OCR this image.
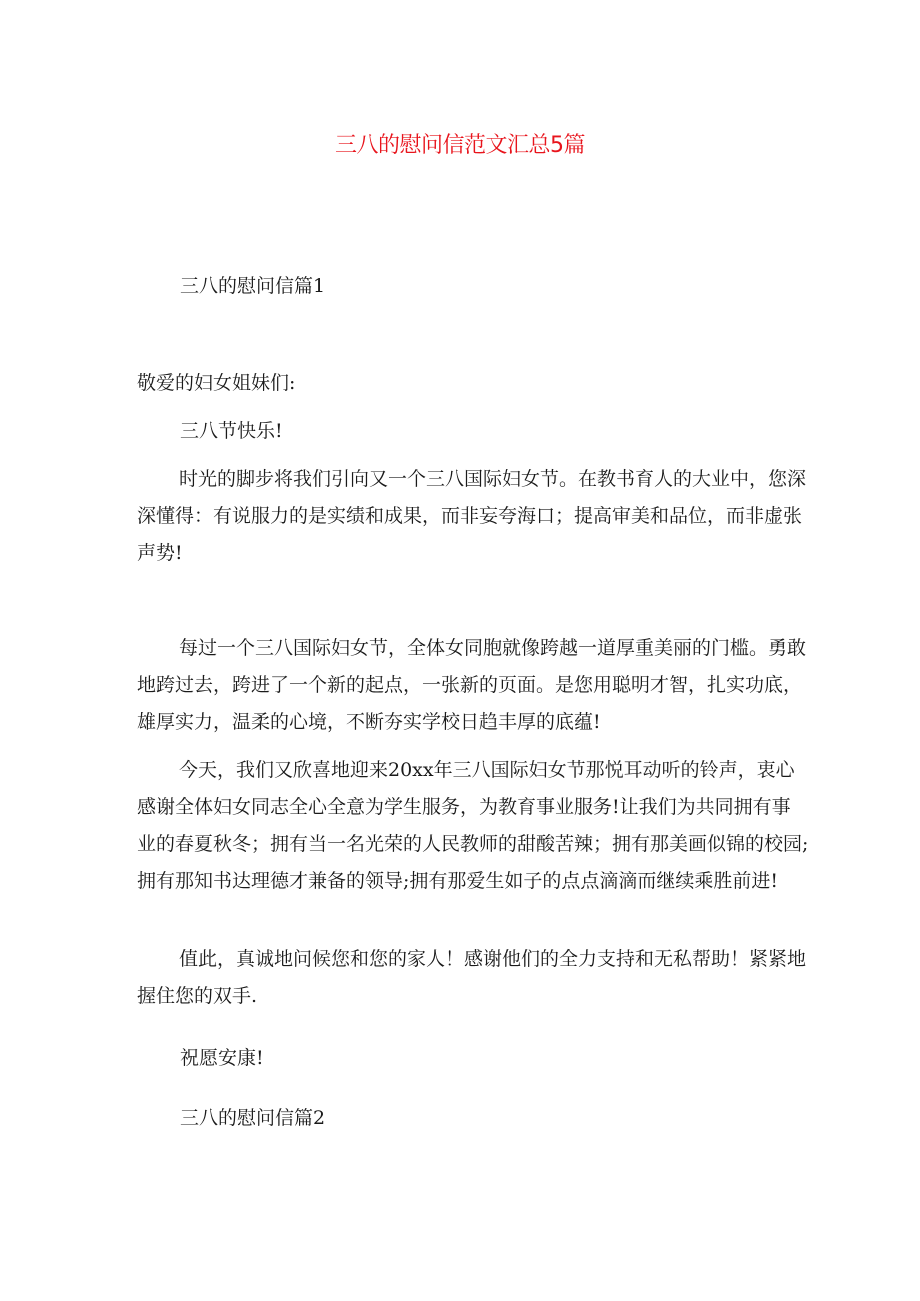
三八的慰问信范文汇总5篇
三八的慰问信篇1
敬爱的妇女姐妹们:
三八节快乐!
时光的脚步将我们引向又一个三八国际妇女节。在教书育人的大业中，您深
深懂得：有说服力的是实绩和成果，而非妄夸海口；提高审美和品位，而非虚张
声势!
每过一个三八国际妇女节，全体女同胞就像跨越一道厚重美丽的门槛。勇敢
地跨过去，跨进了一个新的起点，一张新的页面。是您用聪明才智，扎实功底，
雄厚实力，温柔的心境，不断夯实学校日趋丰厚的底蕴!
今天，我们又欣喜地迎来20xx年三八国际妇女节那悦耳动听的铃声，衷心
感谢全体妇女同志全心全意为学生服务，为教育事业服务!让我们为共同拥有事
业的春夏秋冬；拥有当一名光荣的人民教师的甜酸苦辣；拥有那美画似锦的校园;
拥有那知书达理德才兼备的领导;拥有那爱生如子的点点滴滴而继续乘胜前进!
值此，真诚地问候您和您的家人！感谢他们的全力支持和无私帮助！紧紧地
握住您的双手.
祝愿安康!
三八的慰问信篇2
